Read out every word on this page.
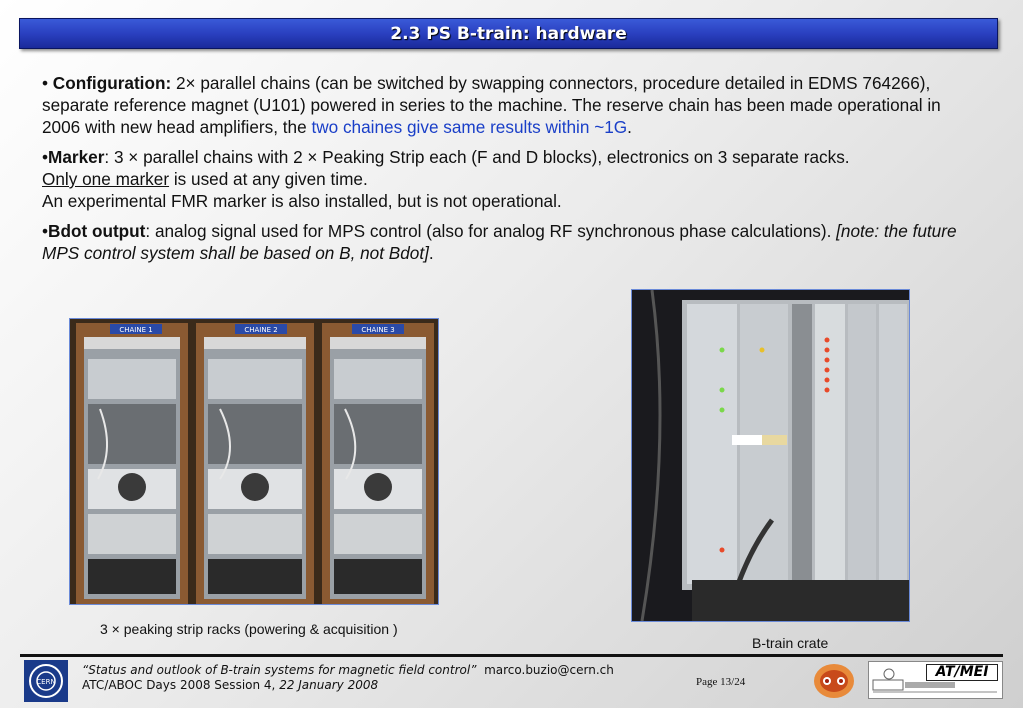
2.3 PS B-train: hardware

• Configuration: 2× parallel chains (can be switched by swapping connectors, procedure detailed in EDMS 764266), separate reference magnet (U101) powered in series to the machine. The reserve chain has been made operational in 2006 with new head amplifiers, the two chaines give same results within ~1G.

•Marker: 3 × parallel chains with 2 × Peaking Strip each (F and D blocks), electronics on 3 separate racks.
Only one marker is used at any given time.
An experimental FMR marker is also installed, but is not operational.

•Bdot output: analog signal used for MPS control (also for analog RF synchronous phase calculations). [note: the future MPS control system shall be based on B, not Bdot].

CHAINE 1	CHAINE 2	CHAINE 3
3 × peaking strip racks (powering & acquisition )
B-train crate
CERN
“Status and outlook of B-train systems for magnetic field control” marco.buzio@cern.ch
ATC/ABOC Days 2008 Session 4, 22 January 2008	Page 13/24
AT/MEI
